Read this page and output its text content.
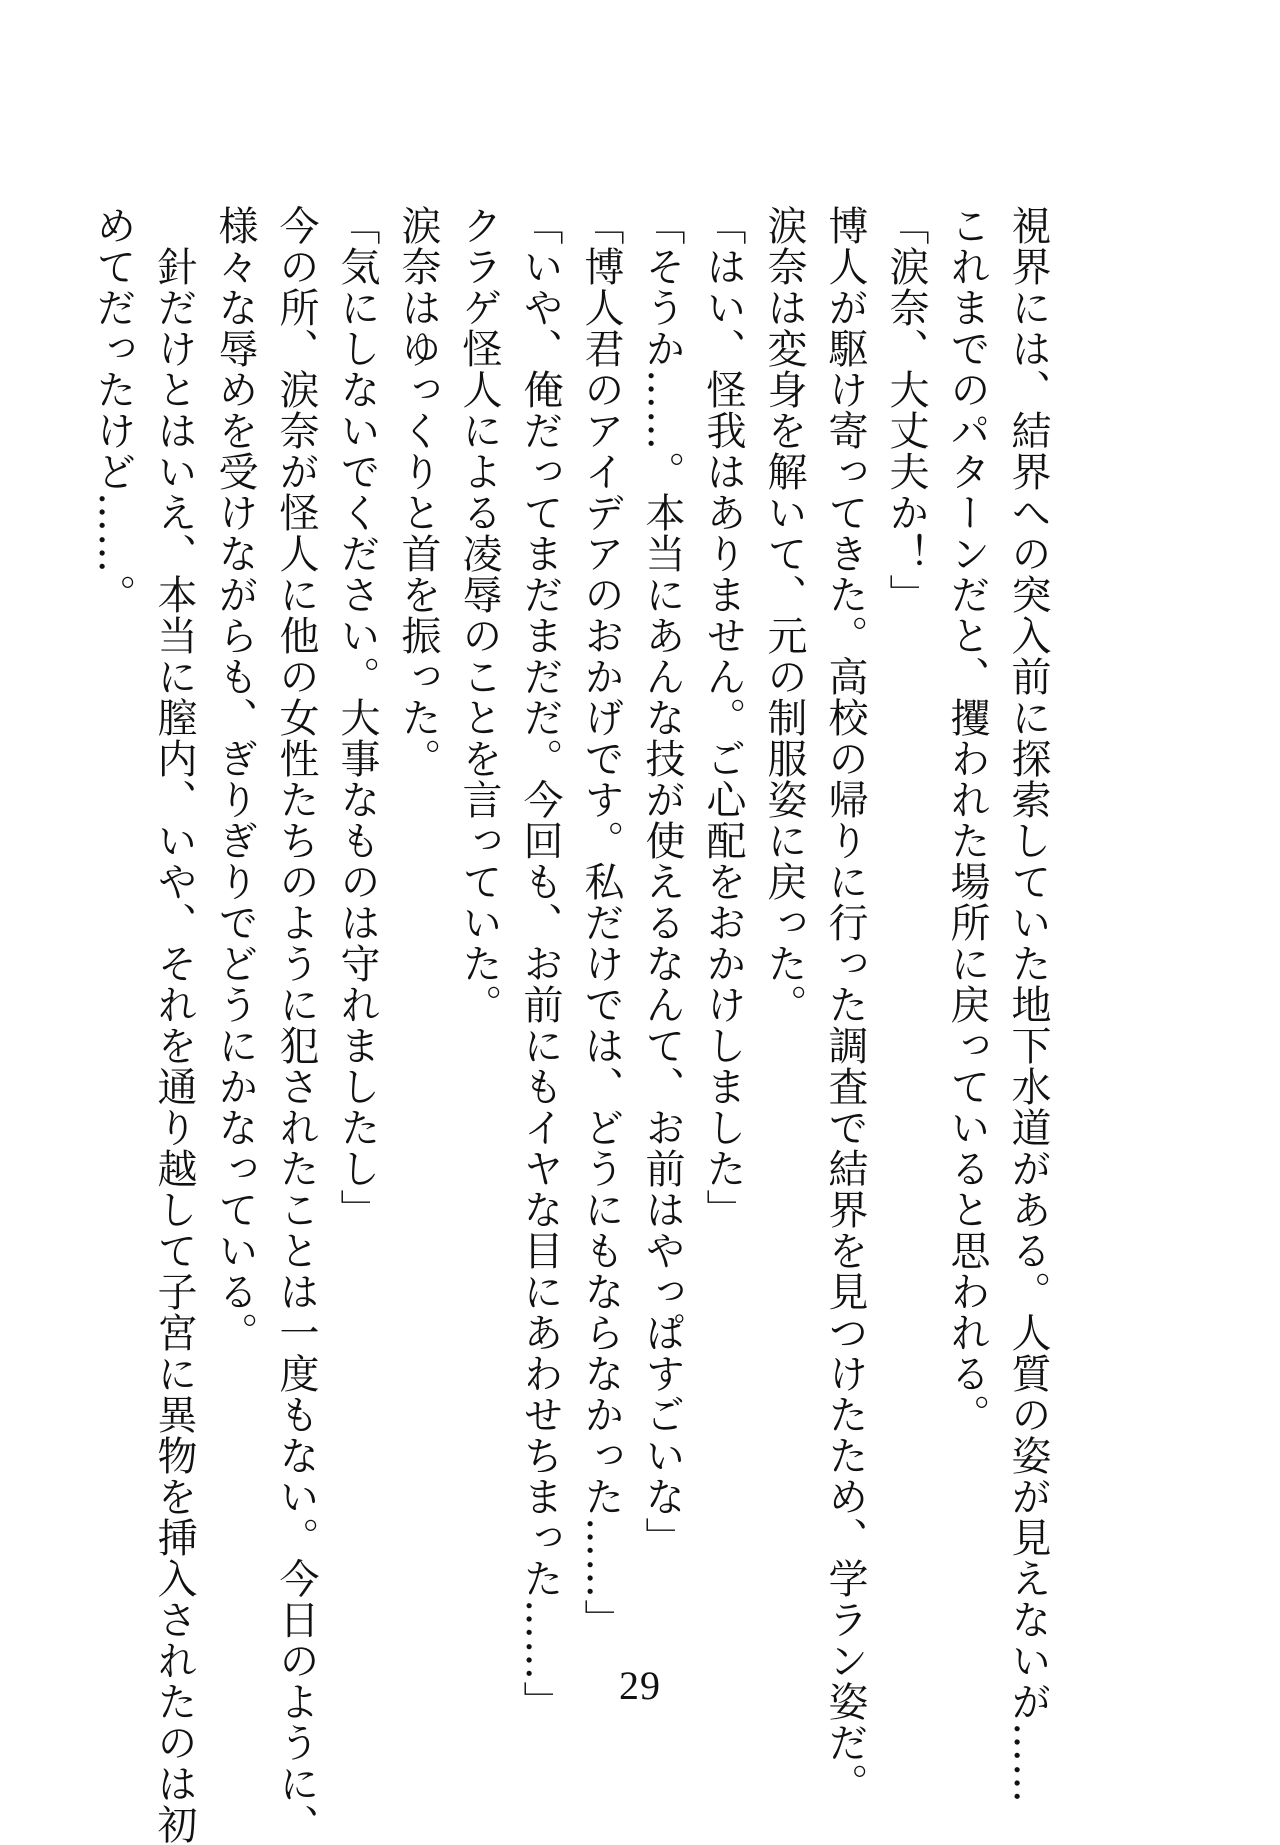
視界には、結界への突入前に探索していた地下水道がある。人質の姿が見えないが……
これまでのパターンだと、攫われた場所に戻っていると思われる。
「涙奈、大丈夫か！」
博人が駆け寄ってきた。高校の帰りに行った調査で結界を見つけたため、学ラン姿だ。
涙奈は変身を解いて、元の制服姿に戻った。
「はい、怪我はありません。ご心配をおかけしました」
「そうか……。本当にあんな技が使えるなんて、お前はやっぱすごいな」
「博人君のアイデアのおかげです。私だけでは、どうにもならなかった……」
「いや、俺だってまだまだだ。今回も、お前にもイヤな目にあわせちまった……」
クラゲ怪人による凌辱のことを言っていた。
涙奈はゆっくりと首を振った。
「気にしないでください。大事なものは守れましたし」
今の所、涙奈が怪人に他の女性たちのように犯されたことは一度もない。今日のように、
様々な辱めを受けながらも、ぎりぎりでどうにかなっている。
　針だけとはいえ、本当に膣内、いや、それを通り越して子宮に異物を挿入されたのは初
めてだったけど……。
29
